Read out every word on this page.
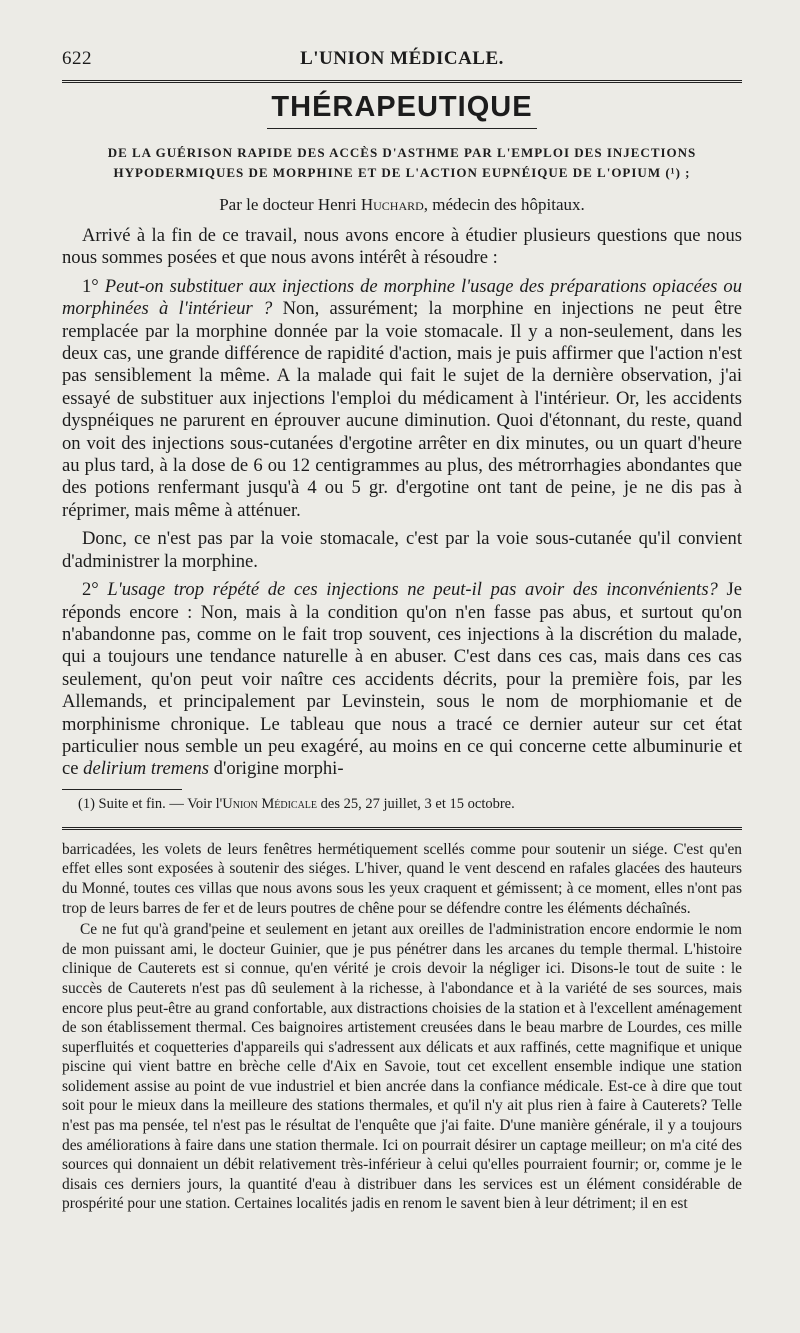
622	L'UNION MÉDICALE.
THÉRAPEUTIQUE
DE LA GUÉRISON RAPIDE DES ACCÈS D'ASTHME PAR L'EMPLOI DES INJECTIONS HYPODERMIQUES DE MORPHINE ET DE L'ACTION EUPNÉIQUE DE L'OPIUM (¹) ;
Par le docteur Henri Huchard, médecin des hôpitaux.

Arrivé à la fin de ce travail, nous avons encore à étudier plusieurs questions que nous nous sommes posées et que nous avons intérêt à résoudre :

1° Peut-on substituer aux injections de morphine l'usage des préparations opiacées ou morphinées à l'intérieur ? Non, assurément; la morphine en injections ne peut être remplacée par la morphine donnée par la voie stomacale. Il y a non-seulement, dans les deux cas, une grande différence de rapidité d'action, mais je puis affirmer que l'action n'est pas sensiblement la même. A la malade qui fait le sujet de la dernière observation, j'ai essayé de substituer aux injections l'emploi du médicament à l'intérieur. Or, les accidents dyspnéiques ne parurent en éprouver aucune diminution. Quoi d'étonnant, du reste, quand on voit des injections sous-cutanées d'ergotine arrêter en dix minutes, ou un quart d'heure au plus tard, à la dose de 6 ou 12 centigrammes au plus, des métrorrhagies abondantes que des potions renfermant jusqu'à 4 ou 5 gr. d'ergotine ont tant de peine, je ne dis pas à réprimer, mais même à atténuer.

Donc, ce n'est pas par la voie stomacale, c'est par la voie sous-cutanée qu'il convient d'administrer la morphine.

2° L'usage trop répété de ces injections ne peut-il pas avoir des inconvénients? Je réponds encore : Non, mais à la condition qu'on n'en fasse pas abus, et surtout qu'on n'abandonne pas, comme on le fait trop souvent, ces injections à la discrétion du malade, qui a toujours une tendance naturelle à en abuser. C'est dans ces cas, mais dans ces cas seulement, qu'on peut voir naître ces accidents décrits, pour la première fois, par les Allemands, et principalement par Levinstein, sous le nom de morphiomanie et de morphinisme chronique. Le tableau que nous a tracé ce dernier auteur sur cet état particulier nous semble un peu exagéré, au moins en ce qui concerne cette albuminurie et ce delirium tremens d'origine morphi-

(1) Suite et fin. — Voir l'Union Médicale des 25, 27 juillet, 3 et 15 octobre.

barricadées, les volets de leurs fenêtres hermétiquement scellés comme pour soutenir un siége. C'est qu'en effet elles sont exposées à soutenir des siéges. L'hiver, quand le vent descend en rafales glacées des hauteurs du Monné, toutes ces villas que nous avons sous les yeux craquent et gémissent; à ce moment, elles n'ont pas trop de leurs barres de fer et de leurs poutres de chêne pour se défendre contre les éléments déchaînés.

Ce ne fut qu'à grand'peine et seulement en jetant aux oreilles de l'administration encore endormie le nom de mon puissant ami, le docteur Guinier, que je pus pénétrer dans les arcanes du temple thermal. L'histoire clinique de Cauterets est si connue, qu'en vérité je crois devoir la négliger ici. Disons-le tout de suite : le succès de Cauterets n'est pas dû seulement à la richesse, à l'abondance et à la variété de ses sources, mais encore plus peut-être au grand confortable, aux distractions choisies de la station et à l'excellent aménagement de son établissement thermal. Ces baignoires artistement creusées dans le beau marbre de Lourdes, ces mille superfluités et coquetteries d'appareils qui s'adressent aux délicats et aux raffinés, cette magnifique et unique piscine qui vient battre en brèche celle d'Aix en Savoie, tout cet excellent ensemble indique une station solidement assise au point de vue industriel et bien ancrée dans la confiance médicale. Est-ce à dire que tout soit pour le mieux dans la meilleure des stations thermales, et qu'il n'y ait plus rien à faire à Cauterets? Telle n'est pas ma pensée, tel n'est pas le résultat de l'enquête que j'ai faite. D'une manière générale, il y a toujours des améliorations à faire dans une station thermale. Ici on pourrait désirer un captage meilleur; on m'a cité des sources qui donnaient un débit relativement très-inférieur à celui qu'elles pourraient fournir; or, comme je le disais ces derniers jours, la quantité d'eau à distribuer dans les services est un élément considérable de prospérité pour une station. Certaines localités jadis en renom le savent bien à leur détriment; il en est
